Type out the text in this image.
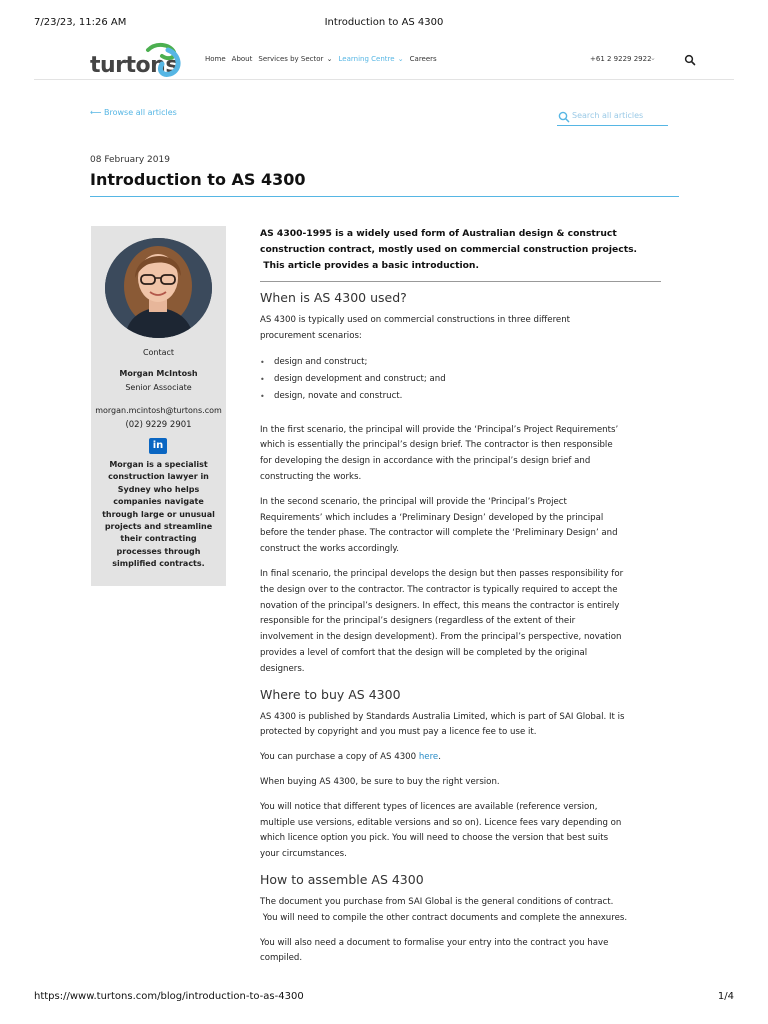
7/23/23, 11:26 AM	Introduction to AS 4300
turtons	Home About Services by Sector ⌄ Learning Centre ⌄ Careers	+61 2 9229 2922
⌄
⟵ Browse all articles
Search all articles
08 February 2019
Introduction to AS 4300
Contact
Morgan McIntosh
Senior Associate
morgan.mcintosh@turtons.com
(02) 9229 2901
in
Morgan is a specialist
construction lawyer in
Sydney who helps
companies navigate
through large or unusual
projects and streamline
their contracting
processes through
simplified contracts.
AS 4300-1995 is a widely used form of Australian design & construct
construction contract, mostly used on commercial construction projects.
This article provides a basic introduction.
When is AS 4300 used?

AS 4300 is typically used on commercial constructions in three different
procurement scenarios:

• design and construct;
• design development and construct; and
• design, novate and construct.

In the first scenario, the principal will provide the ‘Principal’s Project Requirements’
which is essentially the principal’s design brief. The contractor is then responsible
for developing the design in accordance with the principal’s design brief and
constructing the works.

In the second scenario, the principal will provide the ‘Principal’s Project
Requirements’ which includes a ‘Preliminary Design’ developed by the principal
before the tender phase. The contractor will complete the ‘Preliminary Design’ and
construct the works accordingly.

In final scenario, the principal develops the design but then passes responsibility for
the design over to the contractor. The contractor is typically required to accept the
novation of the principal’s designers. In effect, this means the contractor is entirely
responsible for the principal’s designers (regardless of the extent of their
involvement in the design development). From the principal’s perspective, novation
provides a level of comfort that the design will be completed by the original
designers.

Where to buy AS 4300

AS 4300 is published by Standards Australia Limited, which is part of SAI Global. It is
protected by copyright and you must pay a licence fee to use it.

You can purchase a copy of AS 4300 here.

When buying AS 4300, be sure to buy the right version.

You will notice that different types of licences are available (reference version,
multiple use versions, editable versions and so on). Licence fees vary depending on
which licence option you pick. You will need to choose the version that best suits
your circumstances.

How to assemble AS 4300

The document you purchase from SAI Global is the general conditions of contract.
You will need to compile the other contract documents and complete the annexures.

You will also need a document to formalise your entry into the contract you have
compiled.

https://www.turtons.com/blog/introduction-to-as-4300	1/4
